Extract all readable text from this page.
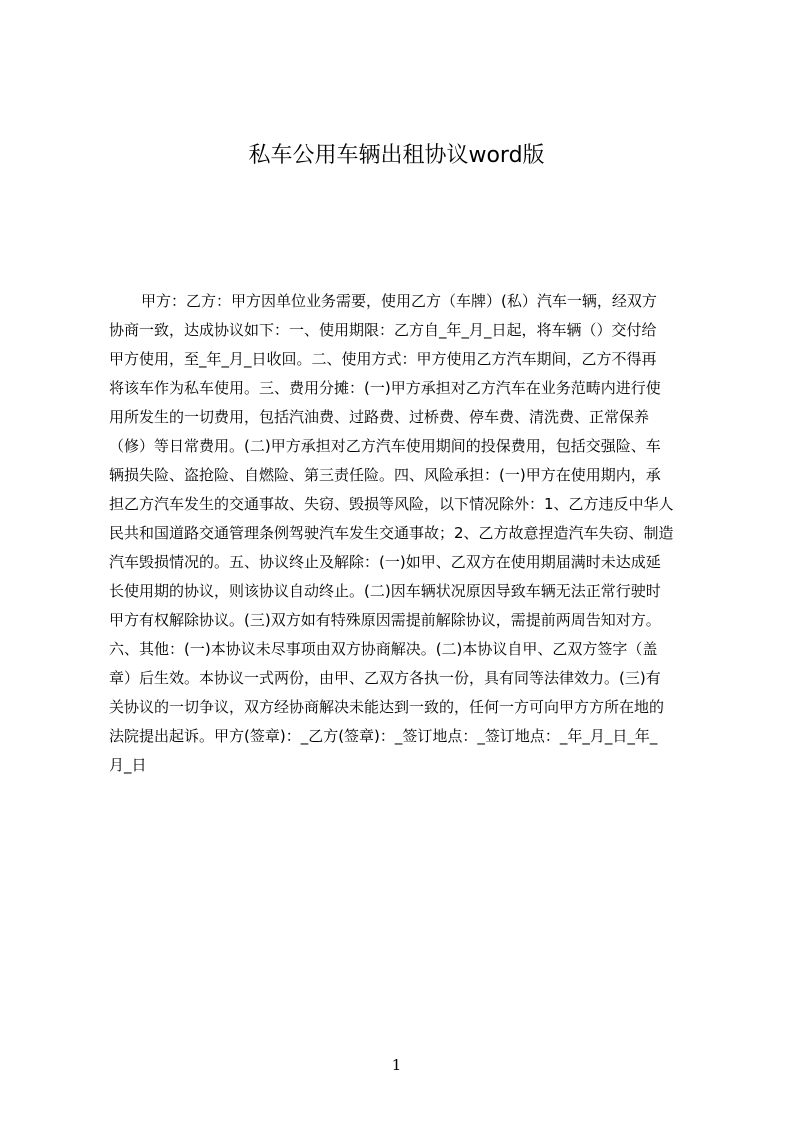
私车公用车辆出租协议word版
甲方：乙方：甲方因单位业务需要，使用乙方（车牌）(私）汽车一辆，经双方
协商一致，达成协议如下：一、使用期限：乙方自_年_月_日起，将车辆（）交付给
甲方使用，至_年_月_日收回。二、使用方式：甲方使用乙方汽车期间，乙方不得再
将该车作为私车使用。三、费用分摊：(一)甲方承担对乙方汽车在业务范畴内进行使
用所发生的一切费用，包括汽油费、过路费、过桥费、停车费、清洗费、正常保养
（修）等日常费用。(二)甲方承担对乙方汽车使用期间的投保费用，包括交强险、车
辆损失险、盗抢险、自燃险、第三责任险。四、风险承担：(一)甲方在使用期内，承
担乙方汽车发生的交通事故、失窃、毁损等风险，以下情况除外：1、乙方违反中华人
民共和国道路交通管理条例驾驶汽车发生交通事故；2、乙方故意捏造汽车失窃、制造
汽车毁损情况的。五、协议终止及解除：(一)如甲、乙双方在使用期届满时未达成延
长使用期的协议，则该协议自动终止。(二)因车辆状况原因导致车辆无法正常行驶时
甲方有权解除协议。(三)双方如有特殊原因需提前解除协议，需提前两周告知对方。
六、其他：(一)本协议未尽事项由双方协商解决。(二)本协议自甲、乙双方签字（盖
章）后生效。本协议一式两份，由甲、乙双方各执一份，具有同等法律效力。(三)有
关协议的一切争议，双方经协商解决未能达到一致的，任何一方可向甲方方所在地的
法院提出起诉。甲方(签章)：_乙方(签章)：_签订地点：_签订地点：_年_月_日_年_
月_日
1
